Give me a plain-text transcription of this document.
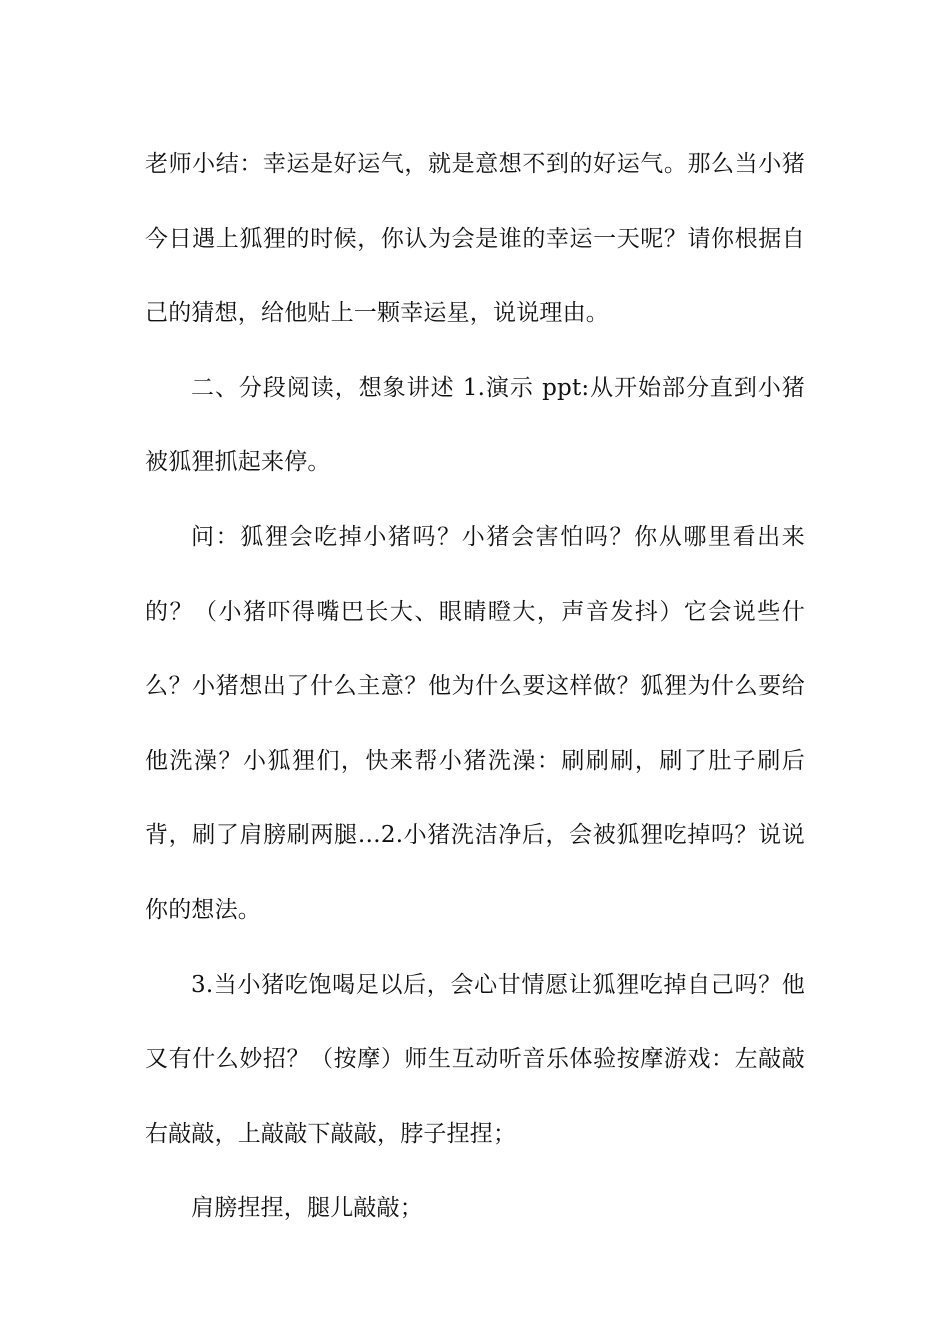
老师小结：幸运是好运气，就是意想不到的好运气。那么当小猪今日遇上狐狸的时候，你认为会是谁的幸运一天呢？请你根据自己的猜想，给他贴上一颗幸运星，说说理由。

二、分段阅读，想象讲述 1.演示 ppt:从开始部分直到小猪被狐狸抓起来停。

问：狐狸会吃掉小猪吗？小猪会害怕吗？你从哪里看出来的？（小猪吓得嘴巴长大、眼睛瞪大，声音发抖）它会说些什么？小猪想出了什么主意？他为什么要这样做？狐狸为什么要给他洗澡？小狐狸们，快来帮小猪洗澡：刷刷刷，刷了肚子刷后背，刷了肩膀刷两腿…2.小猪洗洁净后，会被狐狸吃掉吗？说说你的想法。

3.当小猪吃饱喝足以后，会心甘情愿让狐狸吃掉自己吗？他又有什么妙招？（按摩）师生互动听音乐体验按摩游戏：左敲敲右敲敲，上敲敲下敲敲，脖子捏捏；

肩膀捏捏，腿儿敲敲；
